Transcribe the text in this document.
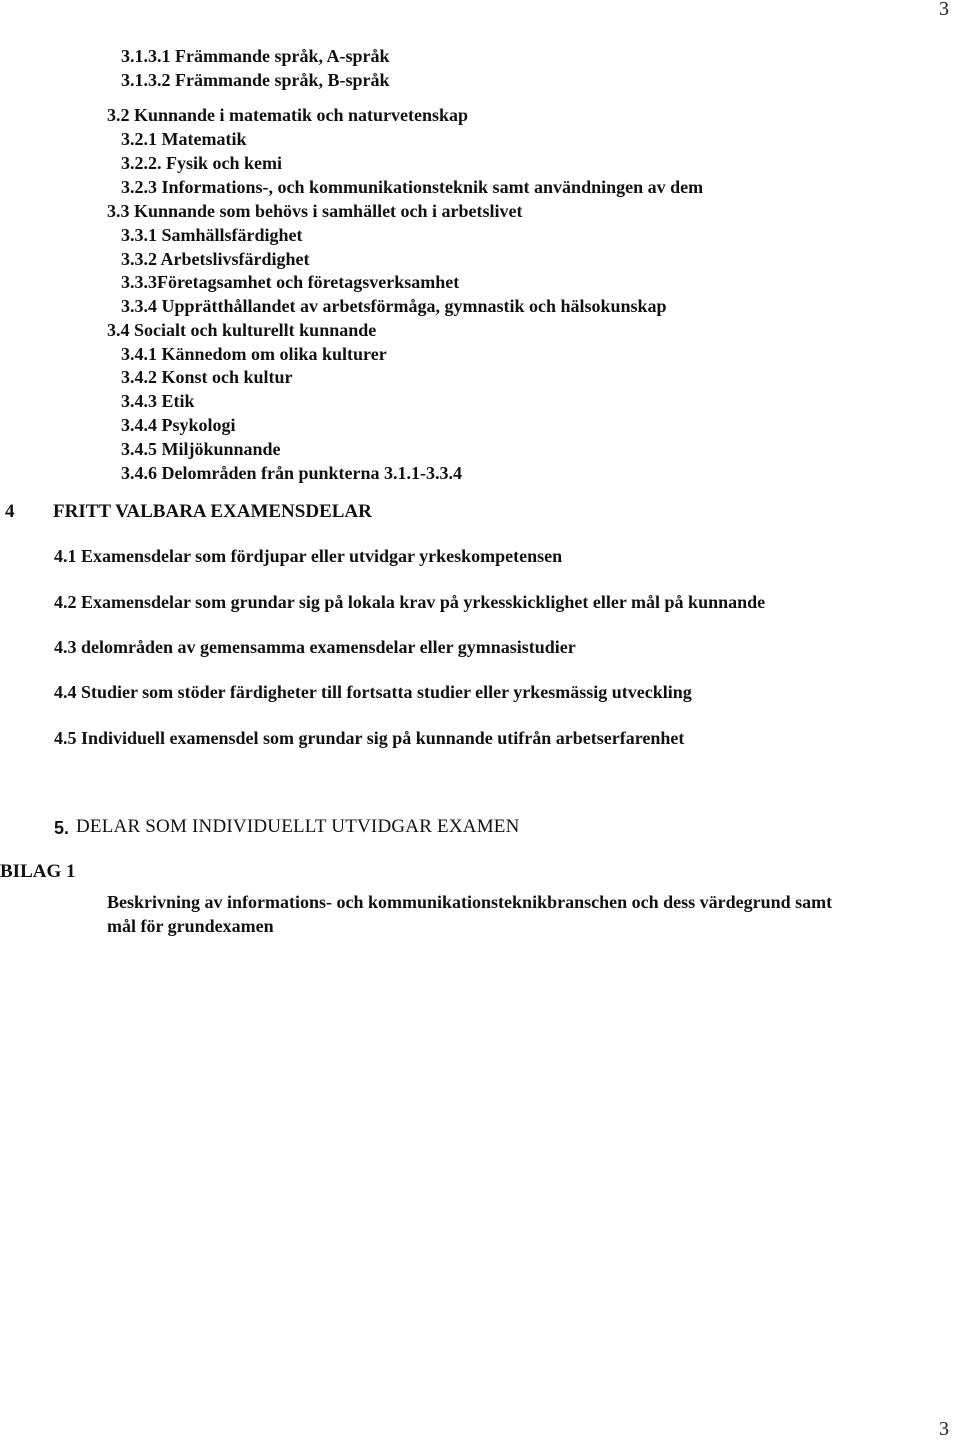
3
3

3.1.3.1 Främmande språk, A-språk

3.1.3.2 Främmande språk, B-språk

3.2 Kunnande i matematik och naturvetenskap

3.2.1 Matematik

3.2.2. Fysik och kemi

3.2.3 Informations-, och kommunikationsteknik samt användningen av dem

3.3 Kunnande som behövs i samhället och i arbetslivet

3.3.1 Samhällsfärdighet

3.3.2 Arbetslivsfärdighet

3.3.3Företagsamhet och företagsverksamhet

3.3.4 Upprätthållandet av arbetsförmåga, gymnastik och hälsokunskap

3.4 Socialt och kulturellt kunnande

3.4.1 Kännedom om olika kulturer

3.4.2 Konst och kultur

3.4.3 Etik

3.4.4 Psykologi

3.4.5 Miljökunnande

3.4.6 Delområden från punkterna 3.1.1-3.3.4

4 FRITT VALBARA EXAMENSDELAR

4.1 Examensdelar som fördjupar eller utvidgar yrkeskompetensen

4.2 Examensdelar som grundar sig på lokala krav på yrkesskicklighet eller mål på kunnande

4.3 delområden av gemensamma examensdelar eller gymnasistudier

4.4 Studier som stöder färdigheter till fortsatta studier eller yrkesmässig utveckling

4.5 Individuell examensdel som grundar sig på kunnande utifrån arbetserfarenhet

5. DELAR SOM INDIVIDUELLT UTVIDGAR EXAMEN
BILAG 1

Beskrivning av informations- och kommunikationsteknikbranschen och dess värdegrund samt

mål för grundexamen
